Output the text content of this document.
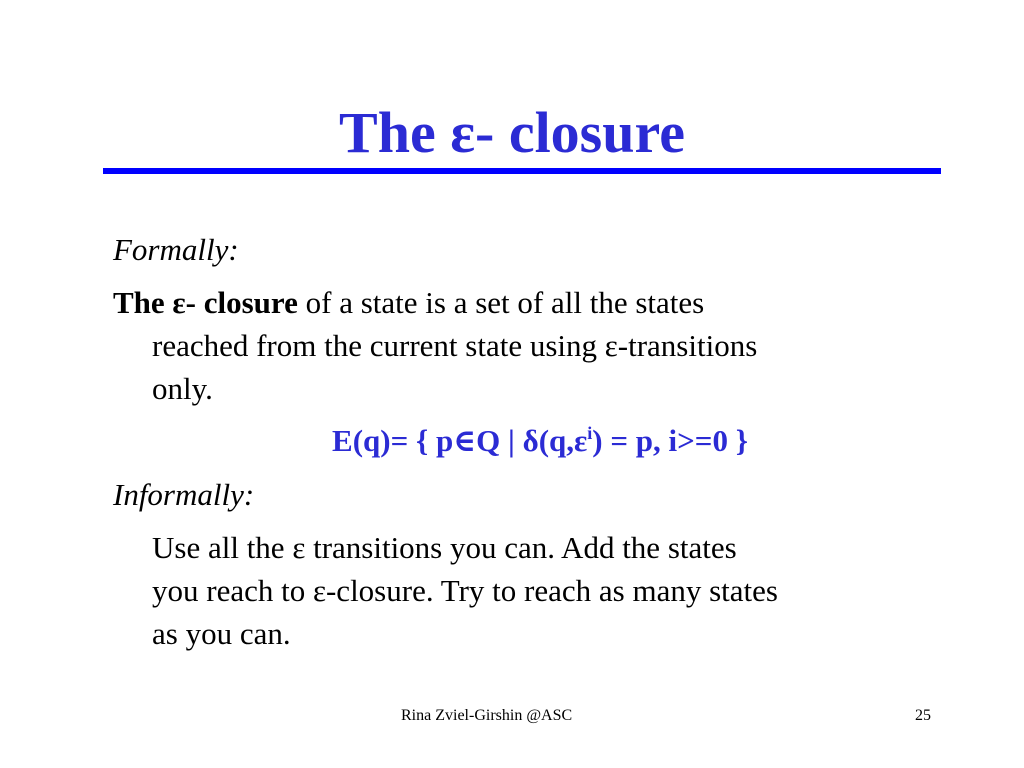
The ε- closure
Formally:
The ε- closure of a state is a set of all the states
reached from the current state using ε-transitions
only.
E(q)= { p∈Q | $\delta(q,\varepsilon^i) = p$, i>=0 }
Informally:
Use all the ε transitions you can. Add the states
you reach to ε-closure. Try to reach as many states
as you can.
Rina Zviel-Girshin @ASC	25
